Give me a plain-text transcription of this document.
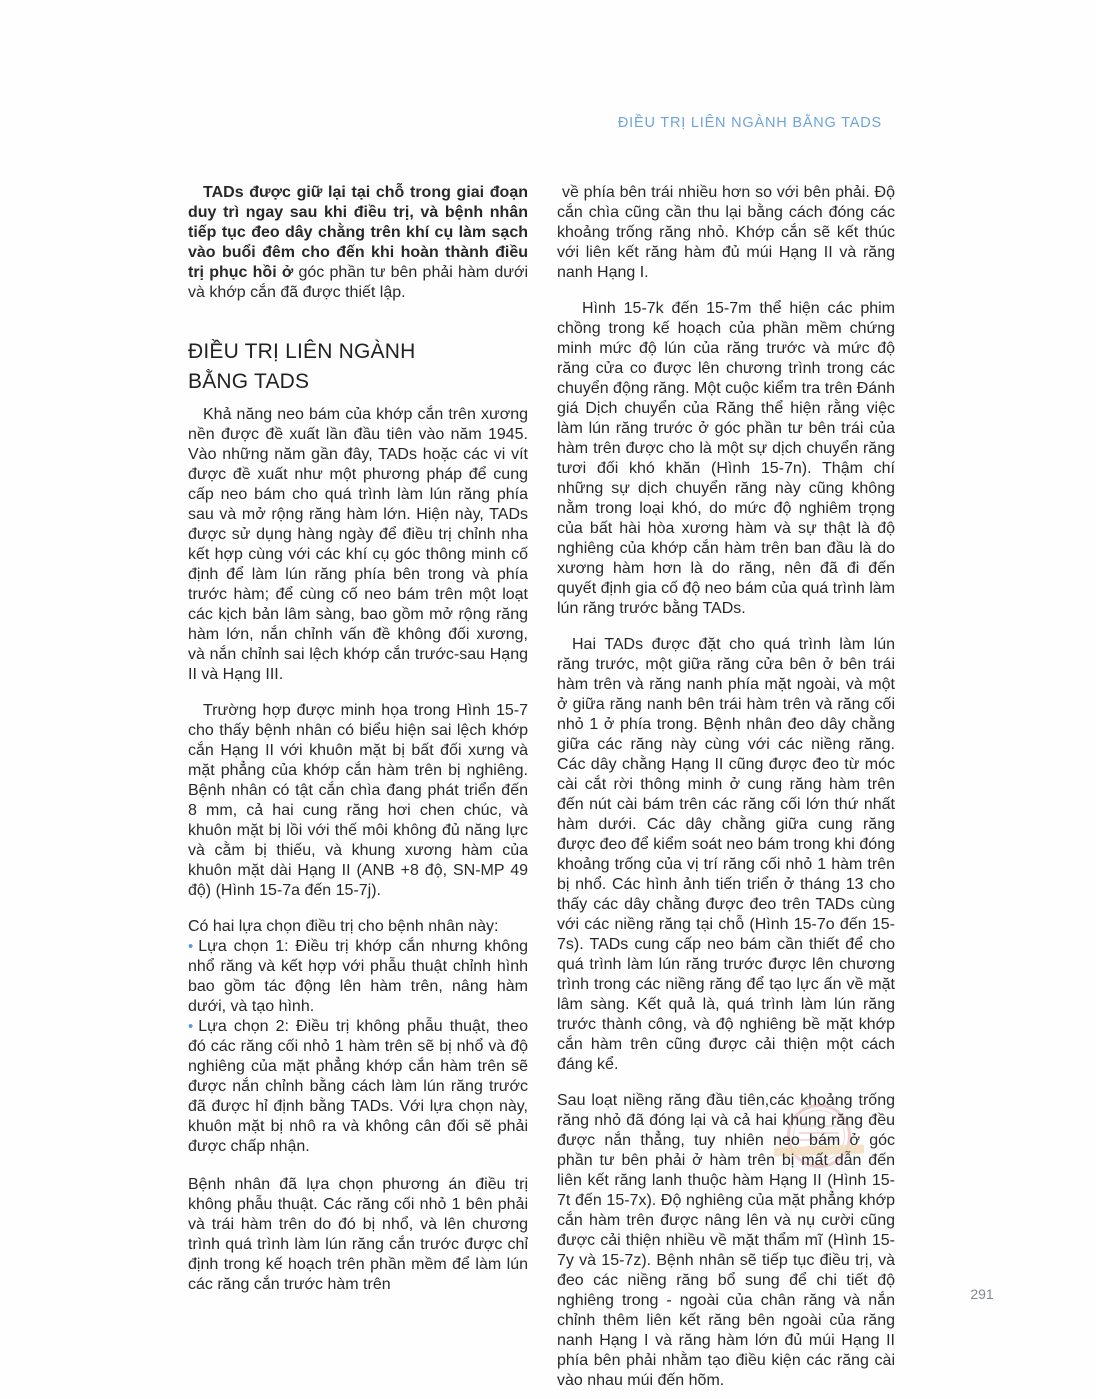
ĐIỀU TRỊ LIÊN NGÀNH BẰNG TADS

TADs được giữ lại tại chỗ trong giai đoạn duy trì ngay sau khi điều trị, và bệnh nhân tiếp tục đeo dây chằng trên khí cụ làm sạch vào buổi đêm cho đến khi hoàn thành điều trị phục hồi ở góc phần tư bên phải hàm dưới và khớp cắn đã được thiết lập.

ĐIỀU TRỊ LIÊN NGÀNH
BẰNG TADS

Khả năng neo bám của khớp cắn trên xương nền được đề xuất lần đầu tiên vào năm 1945. Vào những năm gần đây, TADs hoặc các vi vít được đề xuất như một phương pháp để cung cấp neo bám cho quá trình làm lún răng phía sau và mở rộng răng hàm lớn. Hiện này, TADs được sử dụng hàng ngày để điều trị chỉnh nha kết hợp cùng với các khí cụ góc thông minh cố định để làm lún răng phía bên trong và phía trước hàm; để cùng cố neo bám trên một loạt các kịch bản lâm sàng, bao gồm mở rộng răng hàm lớn, nắn chỉnh vấn đề không đối xương, và nắn chỉnh sai lệch khớp cắn trước-sau Hạng II và Hạng III.

Trường hợp được minh họa trong Hình 15-7 cho thấy bệnh nhân có biểu hiện sai lệch khớp cắn Hạng II với khuôn mặt bị bất đối xưng và mặt phẳng của khớp cắn hàm trên bị nghiêng. Bệnh nhân có tật cắn chìa đang phát triển đến 8 mm, cả hai cung răng hơi chen chúc, và khuôn mặt bị lồi với thế môi không đủ năng lực và cằm bị thiếu, và khung xương hàm của khuôn mặt dài Hạng II (ANB +8 độ, SN-MP 49 độ) (Hình 15-7a đến 15-7j).

Có hai lựa chọn điều trị cho bệnh nhân này:

• Lựa chọn 1: Điều trị khớp cắn nhưng không nhổ răng và kết hợp với phẫu thuật chỉnh hình bao gồm tác động lên hàm trên, nâng hàm dưới, và tạo hình.

• Lựa chọn 2: Điều trị không phẫu thuật, theo đó các răng cối nhỏ 1 hàm trên sẽ bị nhổ và độ nghiêng của mặt phẳng khớp cắn hàm trên sẽ được nắn chỉnh bằng cách làm lún răng trước đã được hỉ định bằng TADs. Với lựa chọn này, khuôn mặt bị nhô ra và không cân đối sẽ phải được chấp nhận.

Bệnh nhân đã lựa chọn phương án điều trị không phẫu thuật. Các răng cối nhỏ 1 bên phải và trái hàm trên do đó bị nhổ, và lên chương trình quá trình làm lún răng cắn trước được chỉ định trong kế hoạch trên phần mềm để làm lún các răng cắn trước hàm trên

về phía bên trái nhiều hơn so với bên phải. Độ cắn chìa cũng cần thu lại bằng cách đóng các khoảng trống răng nhỏ. Khớp cắn sẽ kết thúc với liên kết răng hàm đủ múi Hạng II và răng nanh Hạng I.

Hình 15-7k đến 15-7m thể hiện các phim chồng trong kế hoạch của phần mềm chứng minh mức độ lún của răng trước và mức độ răng cửa co được lên chương trình trong các chuyển động răng. Một cuộc kiểm tra trên Đánh giá Dịch chuyển của Răng thể hiện rằng việc làm lún răng trước ở góc phần tư bên trái của hàm trên được cho là một sự dịch chuyển răng tươi đối khó khăn (Hình 15-7n). Thậm chí những sự dịch chuyển răng này cũng không nằm trong loại khó, do mức độ nghiêm trọng của bất hài hòa xương hàm và sự thật là độ nghiêng của khớp cắn hàm trên ban đầu là do xương hàm hơn là do răng, nên đã đi đến quyết định gia cố độ neo bám của quá trình làm lún răng trước bằng TADs.

Hai TADs được đặt cho quá trình làm lún răng trước, một giữa răng cửa bên ở bên trái hàm trên và răng nanh phía mặt ngoài, và một ở giữa răng nanh bên trái hàm trên và răng cối nhỏ 1 ở phía trong. Bệnh nhân đeo dây chằng giữa các răng này cùng với các niềng răng. Các dây chằng Hạng II cũng được đeo từ móc cài cắt rời thông minh ở cung răng hàm trên đến nút cài bám trên các răng cối lớn thứ nhất hàm dưới. Các dây chằng giữa cung răng được đeo để kiểm soát neo bám trong khi đóng khoảng trống của vị trí răng cối nhỏ 1 hàm trên bị nhổ. Các hình ảnh tiến triển ở tháng 13 cho thấy các dây chằng được đeo trên TADs cùng với các niềng răng tại chỗ (Hình 15-7o đến 15-7s). TADs cung cấp neo bám cần thiết để cho quá trình làm lún răng trước được lên chương trình trong các niềng răng để tạo lực ấn về mặt lâm sàng. Kết quả là, quá trình làm lún răng trước thành công, và độ nghiêng bề mặt khớp cắn hàm trên cũng được cải thiện một cách đáng kể.

Sau loạt niềng răng đầu tiên,các khoảng trống răng nhỏ đã đóng lại và cả hai khung răng đều được nắn thẳng, tuy nhiên neo bám ở góc phần tư bên phải ở hàm trên bị mất dẫn đến liên kết răng lanh thuộc hàm Hạng II (Hình 15-7t đến 15-7x). Độ nghiêng của mặt phẳng khớp cắn hàm trên được nâng lên và nụ cười cũng được cải thiện nhiều về mặt thẩm mĩ (Hình 15-7y và 15-7z). Bệnh nhân sẽ tiếp tục điều trị, và đeo các niềng răng bổ sung để chi tiết độ nghiêng trong - ngoài của chân răng và nắn chỉnh thêm liên kết răng bên ngoài của răng nanh Hạng I và răng hàm lớn đủ múi Hạng II phía bên phải nhằm tạo điều kiện các răng cài vào nhau múi đến hõm.

291
